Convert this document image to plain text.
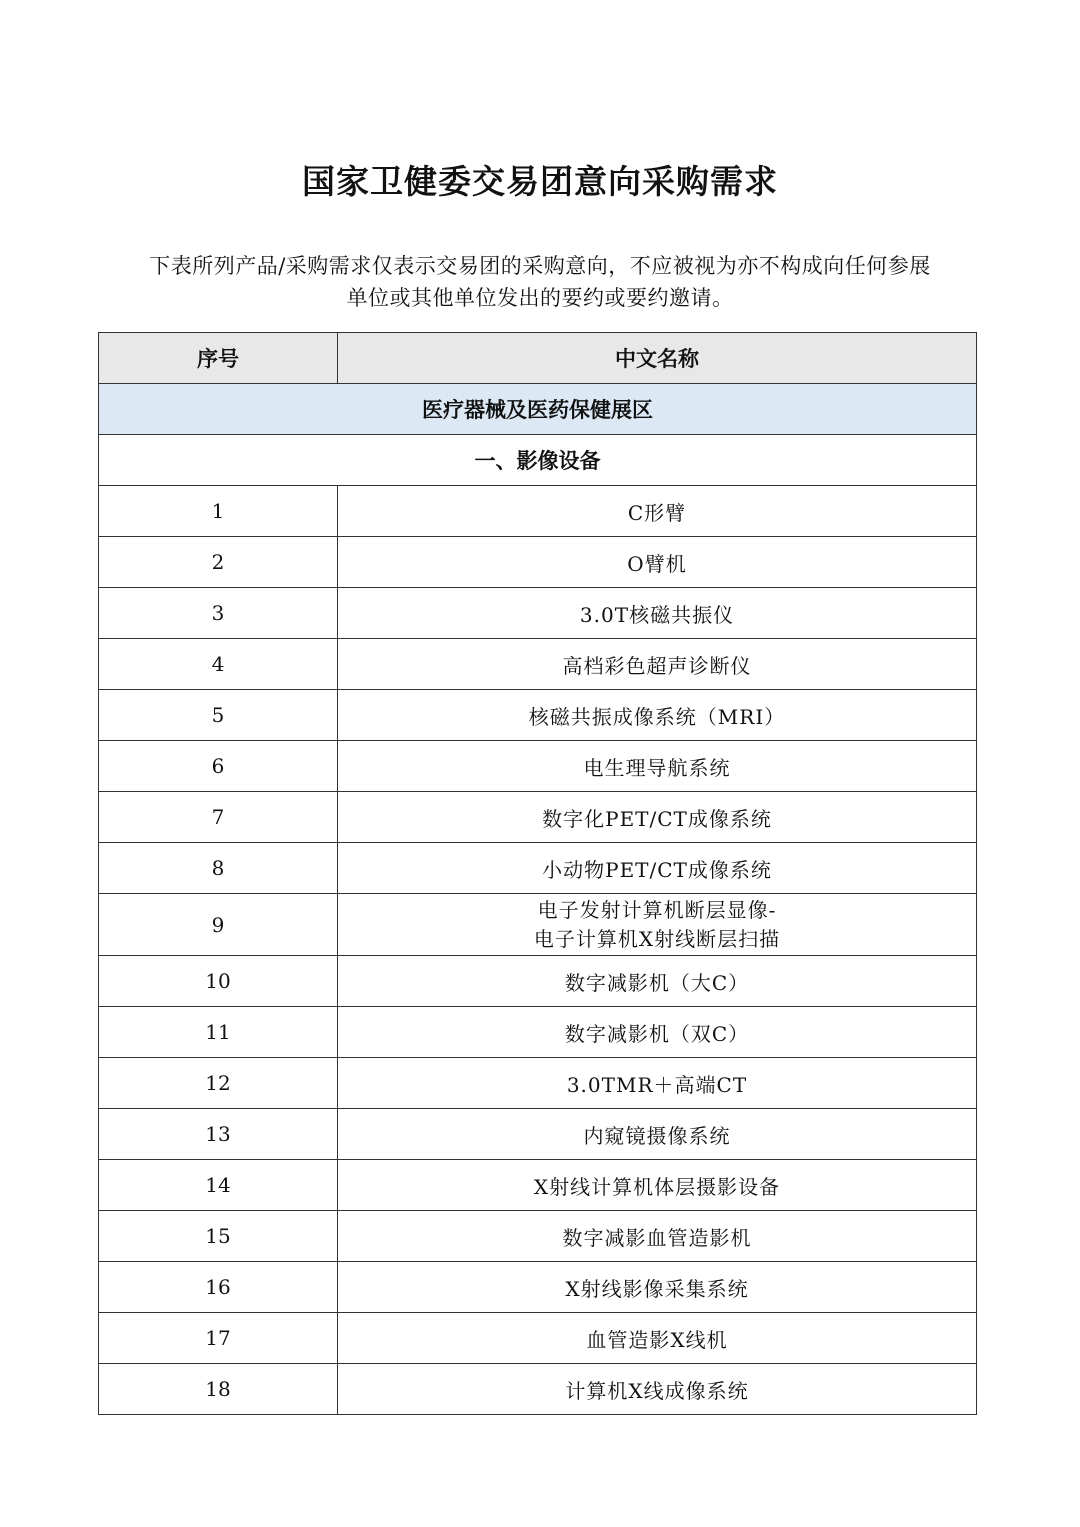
国家卫健委交易团意向采购需求
下表所列产品/采购需求仅表示交易团的采购意向，不应被视为亦不构成向任何参展
单位或其他单位发出的要约或要约邀请。
序号	中文名称
医疗器械及医药保健展区	
一、影像设备	
1	C形臂
2	O臂机
3	3.0T核磁共振仪
4	高档彩色超声诊断仪
5	核磁共振成像系统（MRI）
6	电生理导航系统
7	数字化PET/CT成像系统
8	小动物PET/CT成像系统
9	电子发射计算机断层显像-
电子计算机X射线断层扫描

10	数字减影机（大C）
11	数字减影机（双C）
12	3.0TMR＋高端CT
13	内窥镜摄像系统
14	X射线计算机体层摄影设备
15	数字减影血管造影机
16	X射线影像采集系统
17	血管造影X线机
18	计算机X线成像系统
